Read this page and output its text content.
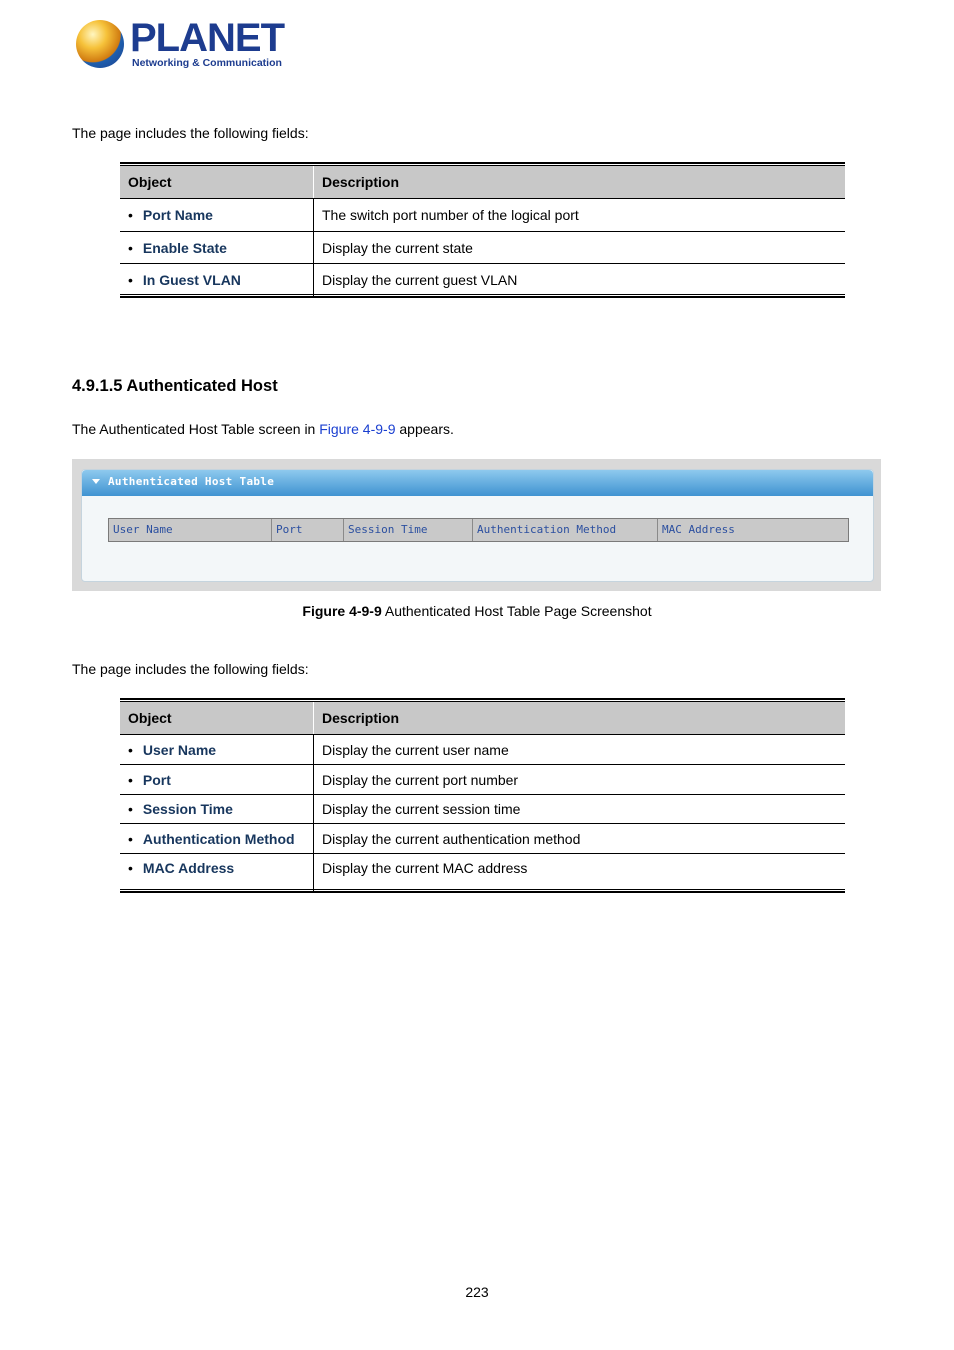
PLANET
Networking & Communication
The page includes the following fields:
Object	Description
• Port Name	The switch port number of the logical port
• Enable State	Display the current state
• In Guest VLAN	Display the current guest VLAN
4.9.1.5 Authenticated Host
The Authenticated Host Table screen in Figure 4-9-9 appears.
Authenticated Host Table
User Name	Port	Session Time	Authentication Method	MAC Address
Figure 4-9-9 Authenticated Host Table Page Screenshot
The page includes the following fields:
Object	Description
• User Name	Display the current user name
• Port	Display the current port number
• Session Time	Display the current session time
• Authentication Method	Display the current authentication method
• MAC Address	Display the current MAC address
223
